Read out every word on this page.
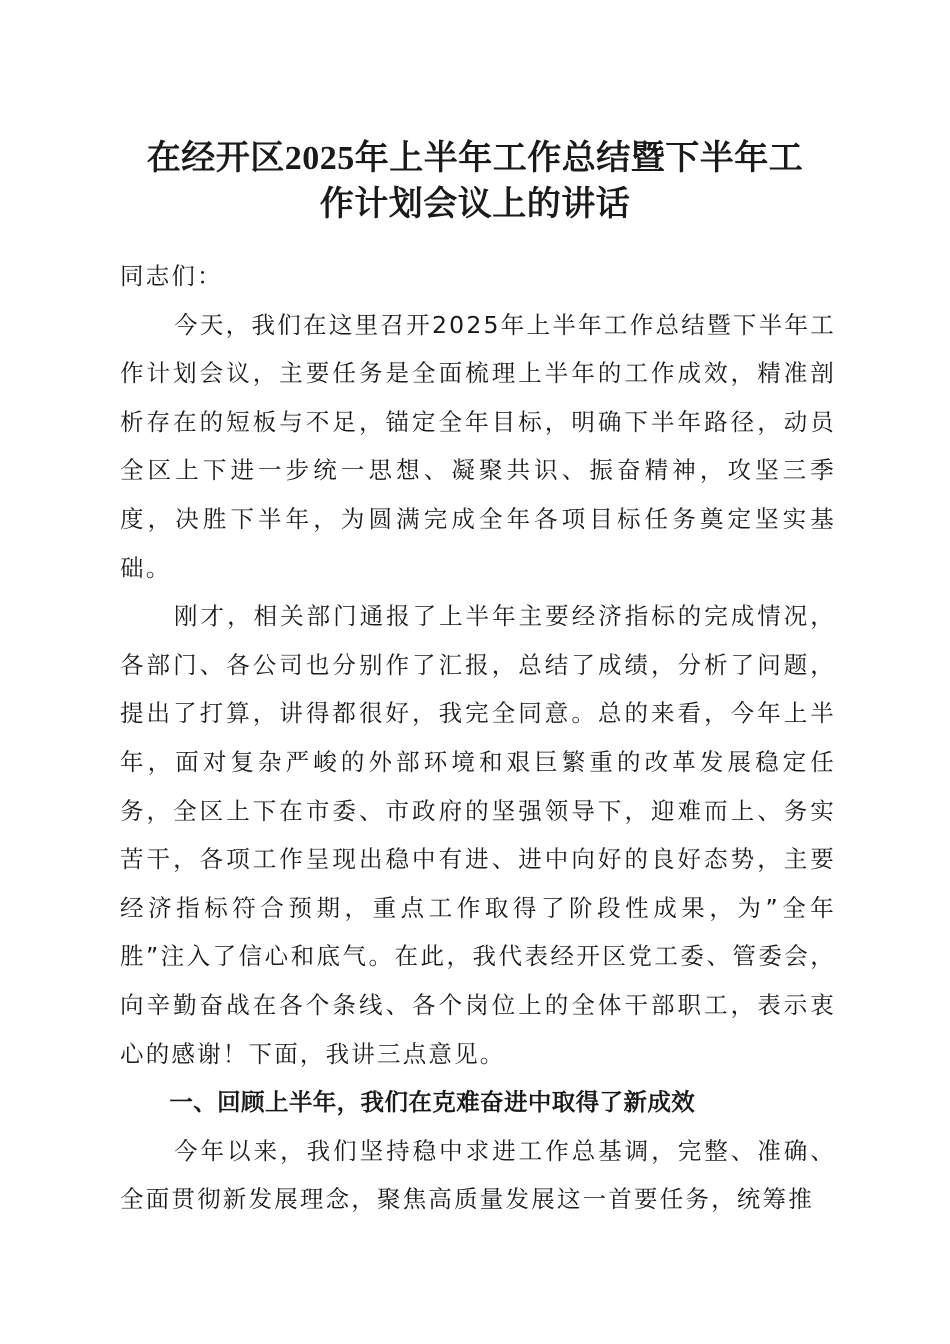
在经开区2025年上半年工作总结暨下半年工
作计划会议上的讲话

同志们：

今天，我们在这里召开2025年上半年工作总结暨下半年工作计划会议，主要任务是全面梳理上半年的工作成效，精准剖析存在的短板与不足，锚定全年目标，明确下半年路径，动员全区上下进一步统一思想、凝聚共识、振奋精神，攻坚三季度，决胜下半年，为圆满完成全年各项目标任务奠定坚实基础。

刚才，相关部门通报了上半年主要经济指标的完成情况，各部门、各公司也分别作了汇报，总结了成绩，分析了问题，提出了打算，讲得都很好，我完全同意。总的来看，今年上半年，面对复杂严峻的外部环境和艰巨繁重的改革发展稳定任务，全区上下在市委、市政府的坚强领导下，迎难而上、务实苦干，各项工作呈现出稳中有进、进中向好的良好态势，主要经济指标符合预期，重点工作取得了阶段性成果，为”全年胜”注入了信心和底气。在此，我代表经开区党工委、管委会，向辛勤奋战在各个条线、各个岗位上的全体干部职工，表示衷心的感谢！下面，我讲三点意见。

一、回顾上半年，我们在克难奋进中取得了新成效

今年以来，我们坚持稳中求进工作总基调，完整、准确、全面贯彻新发展理念，聚焦高质量发展这一首要任务，统筹推
